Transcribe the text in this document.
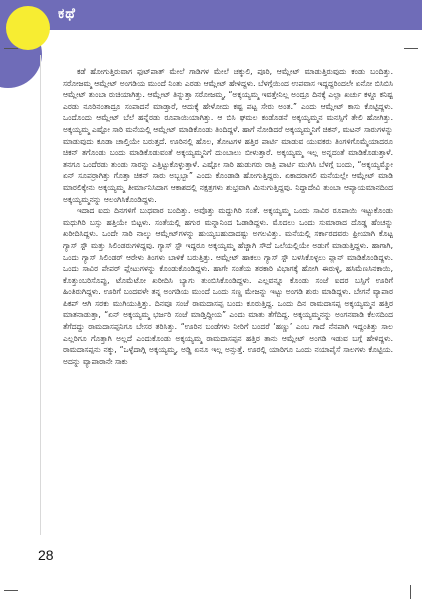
ಕಥೆ

ಕಡೆ ಹೋಗುತ್ತಿರುವಾಗ ಫುಟ್‌ಪಾತ್ ಮೇಲೆ ಗಾಡಿಗಳ ಮೇಲೆ ಚಕ್ಕುಲಿ, ಪೂರಿ, ಆಮ್ಲೇಟ್ ಮಾಡುತ್ತಿರುವುದು ಕಂಡು ಬಂದಿತ್ತು. ಸರೋಜಮ್ಮ ಆಮ್ಲೇಟ್ ಅಂಗಡಿಯ ಮುಂದೆ ನಿಂತು ಎರಡು ಆಮ್ಲೇಟ್ ಹೇಳಿದ್ದಳು. ಬೆಳಗ್ಗೆಯಿಂದ ಉಪವಾಸ ಇದ್ದದ್ದರಿಂದಲೇ ಏನೋ ಬಿಸಿಬಿಸಿ ಆಮ್ಲೇಟ್ ತುಂಬಾ ರುಚಿಯಾಗಿತ್ತು. ಆಮ್ಲೇಟ್ ತಿನ್ನುತ್ತಾ ಸರೋಜಮ್ಮ, “ಅಕ್ಕಯ್ಯಮ್ಮ ಇವತ್ತೇನಿಲ್ಲ ಅಂದ್ರೂ ದಿನಕ್ಕೆ ಎಲ್ಲಾ ಖರ್ಚು ಕಳ್ದೂ ಕನಿಷ್ಟ ಎರಡು ನೂರಿನಂತಾದ್ರೂ ಸಂಪಾದನೆ ಮಾಡ್ತಾರೆ, ಆದುಕ್ಕೆ ಹೇಳೋದು ಕಷ್ಟ ಪಟ್ಟ ಸೇರು ಅಂತ.” ಎಂದು ಆಮ್ಲೇಟ್ ಕಾಸು ಕೊಟ್ಟಿದ್ದಳು. ಒಂದೊಂದು ಆಮ್ಲೇಟ್ ಬೆಲೆ ಹನ್ನೆರಡು ರೂಪಾಯಿಯಾಗಿತ್ತು. ಆ ಬಿಸಿ ಘಮಲ ಕಂಡೊಡನೆ ಅಕ್ಕಯ್ಯಮ್ಮನ ಮನಸ್ಸಿಗೆ ತೇಲಿ ಹೋಗಿತ್ತು. ಅಕ್ಕಯ್ಯಮ್ಮ ಎಷ್ಟೋ ಸಾರಿ ಮನೆಯಲ್ಲಿ ಆಮ್ಲೇಟ್ ಮಾಡಿಕೊಂಡು ತಿಂದಿದ್ದಳೆ. ಹಾಗೆ ನೋಡಿದರೆ ಅಕ್ಕಯ್ಯಮ್ಮನಿಗೆ ಚಿಕನ್, ಮಟನ್ ಸಾರುಗಳನ್ನು ಮಾಡುವುದು ಕೂಡಾ ಚಾಲ್ತಿಯೇ ಬರುತ್ತದೆ. ಊರಿನಲ್ಲಿ ಹೊಲ, ತೋಟಗಳ ಹತ್ತಿರ ಪಾರ್ಟಿ ಮಾಡುವ ಯುವಕರು ತಿಂಗಳಿಗೊಮ್ಮೆಯಾದರೂ ಚಿಕನ್ ತಗೊಂಡು ಬಂದು ಮಾಡಿಕೊಡುವಂತೆ ಅಕ್ಕಯ್ಯಮ್ಮನಿಗೆ ದುಂಬಾಲು ಬೀಳುತ್ತಾರೆ. ಅಕ್ಕಯ್ಯಮ್ಮ ಇಲ್ಲ ಅನ್ನದಂತೆ ಮಾಡಿಕೊಡುತ್ತಾಳೆ. ತನಗೂ ಒಂದೆರಡು ತುಂಡು ಸಾರನ್ನು ಎತ್ತಿಟ್ಟುಕೊಳ್ಳುತ್ತಾಳೆ. ಎಷ್ಟೋ ಸಾರಿ ಹುಡುಗರು ರಾತ್ರಿ ಪಾರ್ಟಿ ಮುಗಿಸಿ ಬೆಳಗ್ಗೆ ಬಂದು, “ಅಕ್ಕಯ್ಯಮ್ಮೋ ಏನ್ ಸೂಪರ‍್ರಾಗಿತ್ತು ಗೊತ್ತಾ ಚಿಕನ್ ಸಾರು ಅಬ್ಬಬ್ಬಾ” ಎಂದು ಕೊಂಡಾಡಿ ಹೋಗುತ್ತಿದ್ದರು. ಏಕಾದರಾಗಲಿ ಮನೆಯಲ್ಲೇ ಆಮ್ಲೇಟ್ ಮಾಡಿ ಮಾರಲಿಕ್ಕೇನು ಅಕ್ಕಯ್ಯಮ್ಮ ತೀರ್ಮಾನಿಸಿದಾಗ ಆಕಾಶದಲ್ಲಿ ನಕ್ಷತ್ರಗಳು ಶುಭ್ರವಾಗಿ ಮಿನುಗುತ್ತಿದ್ದವು. ನಿದ್ದಾದೇವಿ ತುಂಬಾ ಆಪ್ಯಾಯಮಾನದಿಂದ ಅಕ್ಕಯ್ಯಮ್ಮನನ್ನು ಆಲಂಗಿಸಿಕೊಂಡಿದ್ದಳು.

ಇದಾದ ಐದು ದಿನಗಳಿಗೆ ಬುಧವಾರ ಬಂದಿತ್ತು. ಅವೊತ್ತು ಮದ್ದುಗಿರಿ ಸಂತೆ. ಅಕ್ಕಯ್ಯಮ್ಮ ಒಂದು ಸಾವಿರ ರೂಪಾಯಿ ಇಟ್ಟುಕೊಂಡು ಮಧುಗಿರಿ ಬಸ್ಸು ಹತ್ತಿಯೇ ಬಿಟ್ಟಳು. ಸಂತೆಯಲ್ಲಿ ಹಗುರ ಮನ್ನಾನಿಂದ ಓಡಾಡಿದ್ದಳು. ಮೊದಲು ಒಂದು ಸುಮಾರಾದ ದೊಡ್ಡ ಹೆಂಚನ್ನು ಖರೀದಿಸಿದ್ದಳು. ಒಂದೇ ಸಾರಿ ನಾಲ್ಕು ಆಮ್ಲೇಟ್‌ಗಳನ್ನು ಹುಯ್ಯಬಹುದಾದಷ್ಟು ಅಗಲವಿತ್ತು. ಮನೆಯಲ್ಲಿ ಸರ್ಕಾರದವರು ಫ್ರೀಯಾಗಿ ಕೊಟ್ಟ ಗ್ಯಾಸ್ ಸ್ಟೌ ಮತ್ತು ಸಿಲಿಂಡರುಗಳಿದ್ದವು. ಗ್ಯಾಸ್ ಸ್ಟೌ ಇದ್ದರೂ ಅಕ್ಕಯ್ಯಮ್ಮ ಹೆಚ್ಚಾಗಿ ಸೌದೆ ಒಲೆಯಲ್ಲಿಯೇ ಅಡುಗೆ ಮಾಡುತ್ತಿದ್ದಳು. ಹಾಗಾಗಿ, ಒಂದು ಗ್ಯಾಸ್ ಸಿಲಿಂಡರ್ ಆರೇಳು ತಿಂಗಳು ಬಾಳಿಕೆ ಬರುತ್ತಿತ್ತು. ಆಮ್ಲೇಟ್ ಹಾಕಲು ಗ್ಯಾಸ್ ಸ್ಟೌ ಬಳಸಿಕೊಳ್ಳಲು ಪ್ಲಾನ್ ಮಾಡಿಕೊಂಡಿದ್ದಳು. ಒಂದು ಸಾವಿರ ಪೇಪರ್ ಪ್ಲೇಟುಗಳನ್ನು ಕೊಂಡುಕೊಂಡಿದ್ದಳು. ಹಾಗೇ ಸಂತೆಯ ತರಕಾರಿ ವಿಭಾಗಕ್ಕೆ ಹೋಗಿ ಈರುಳ್ಳಿ, ಹಸಿಮೆಣಸಿನಕಾಯಿ, ಕೊತ್ತುಂಬರಿಸೊಪ್ಪು, ಟೊಮೆಟೋ ಖರೀದಿಸಿ ಬ್ಯಾಗು ತುಂಬಿಸಿಕೊಂಡಿದ್ದಳು. ಎಲ್ಲವನ್ನೂ ಕೊಂಡು ಸಂಜೆ ಐದರ ಬಸ್ಸಿಗೆ ಊರಿಗೆ ಹಿಂತಿರುಗಿದ್ದಳು. ಊರಿಗೆ ಬಂದವಳೇ ತನ್ನ ಅಂಗಡಿಯ ಮುಂದೆ ಒಂದು ಸಣ್ಣ ಮೇಜನ್ನು ಇಟ್ಟು ಅಂಗಡಿ ಶುರು ಮಾಡಿದ್ದಳು. ಬೇಗನೆ ವ್ಯಾಪಾರ ಪಿಕಪ್ ಆಗಿ ಸರಕು ಮುಗಿಯುತ್ತಿತ್ತು. ದಿನವೂ ಸಂಜೆ ರಾಮದಾಸಪ್ಪ ಬಂದು ಕೂರುತ್ತಿದ್ದ. ಒಂದು ದಿನ ರಾಮದಾಸಪ್ಪ ಅಕ್ಕಯ್ಯಮ್ಮನ ಹತ್ತಿರ ಮಾತನಾಡುತ್ತಾ, “ಏನ್ ಅಕ್ಕಯ್ಯಮ್ಮ ಭರ್ಜರಿ ಸಂಜೆ ಮಾಡ್ತಿದ್ದೀಯ” ಎಂದು ಮಾತು ತೆಗೆದಿದ್ದ. ಅಕ್ಕಯ್ಯಮ್ಮನನ್ನು ಅಂಗನವಾಡಿ ಕೆಲಸದಿಂದ ತೆಗೆದದ್ದು ರಾಮದಾಸಪ್ಪನಿಗೂ ಬೇಸರ ತರಿಸಿತ್ತು. “ಊರಿನ ಬಂಡೆಗಳು ನೀರಿಗೆ ಬಂದರೆ ‘ಹಣ್ಣು’ ಎಂಬ ಗಾದೆ ನೆನಪಾಗಿ ಇದ್ದಂತಿತ್ತು ಸಾಲ ಎಲ್ಲರಿಗೂ ಗೊತ್ತಾಗಿ ಅಲ್ಲದೆ ಎಂದುಕೊಂಡು ಅಕ್ಕಯ್ಯಮ್ಮ ರಾಮದಾಸಪ್ಪನ ಹತ್ತಿರ ತಾನು ಆಮ್ಲೇಟ್ ಅಂಗಡಿ ಇಡುವ ಬಗ್ಗೆ ಹೇಳಿದ್ದಳು. ರಾಮದಾಸಪ್ಪನು ನಕ್ಕು, “ಒಳ್ಳೆದಾಗ್ಲಿ ಅಕ್ಕಯ್ಯಮ್ಮ, ಅಡ್ಡಿ ಏನೂ ಇಲ್ಲ ಅನ್ಸುತ್ತೆ. ಊರಲ್ಲಿ ಯಾರಿಗೂ ಒಂದು ನಯಾಪೈಸೆ ಸಾಲಗಳು ಕೊಟ್ಟಿಯ. ಅದನ್ನು ವ್ಯಾಪಾರಾನೇ ಸಾಕು

28
